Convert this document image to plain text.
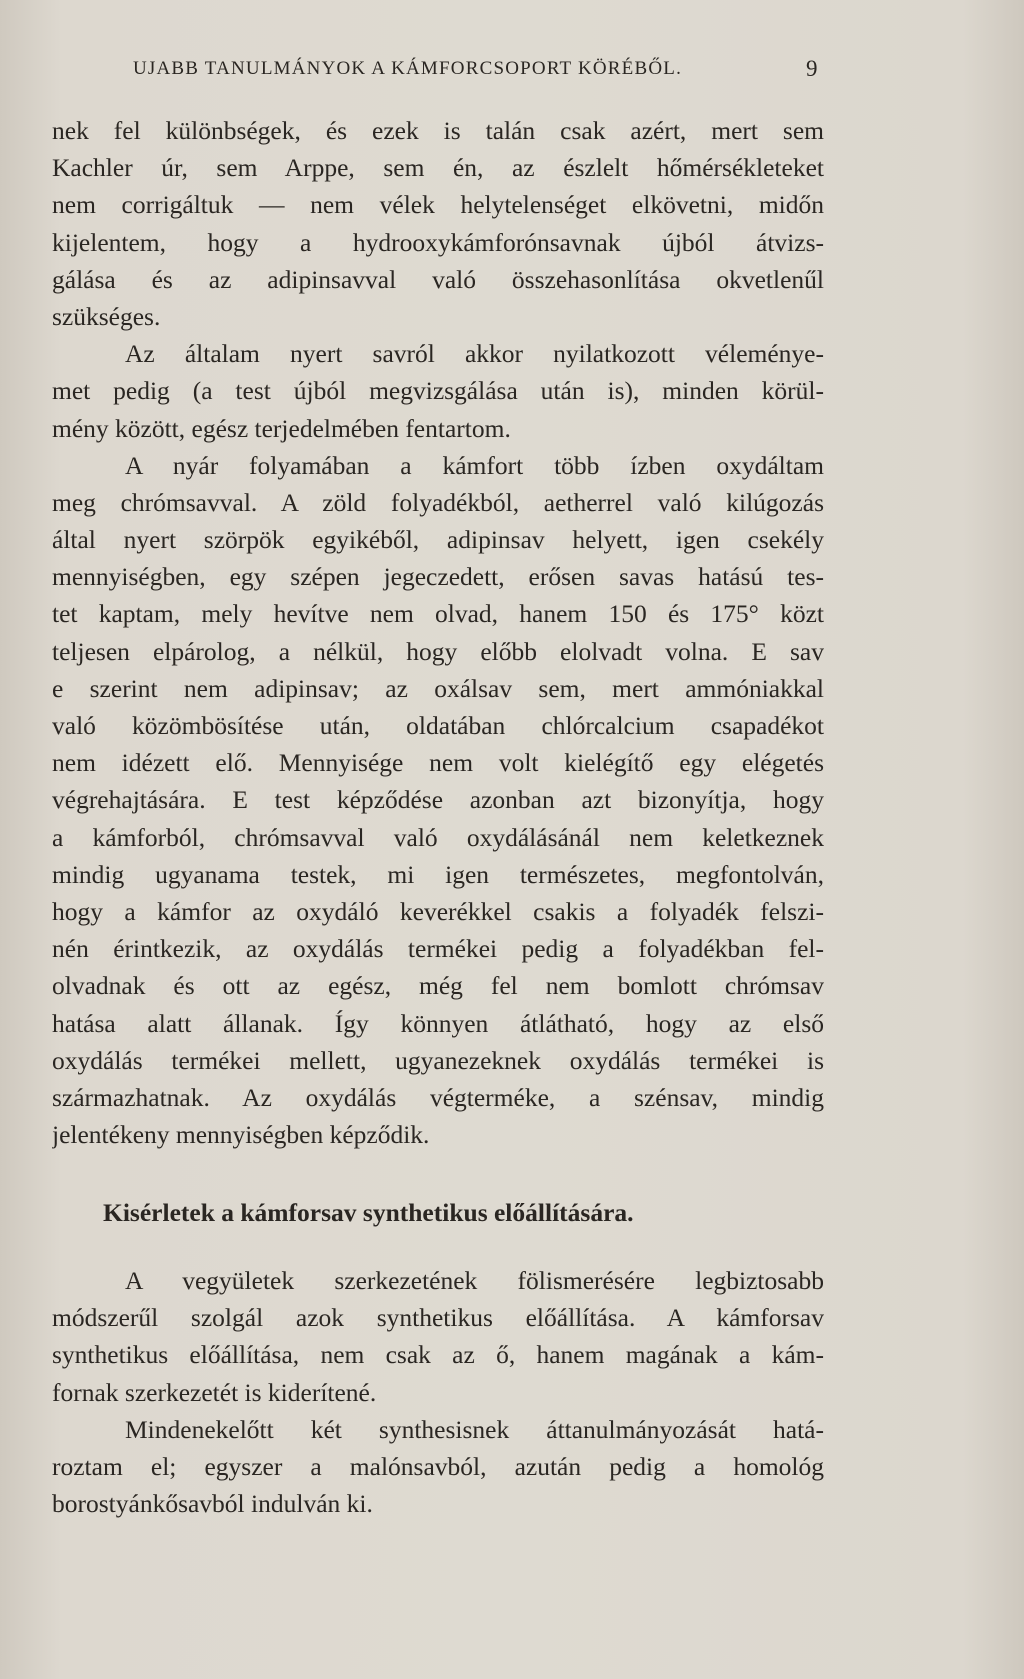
UJABB TANULMÁNYOK A KÁMFORCSOPORT KÖRÉBŐL.	9
nek fel különbségek, és ezek is talán csak azért, mert sem
Kachler úr, sem Arppe, sem én, az észlelt hőmérsékleteket
nem corrigáltuk — nem vélek helytelenséget elkövetni, midőn
kijelentem, hogy a hydrooxykámforónsavnak újból átvizs-
gálása és az adipinsavval való összehasonlítása okvetlenűl
szükséges.
Az általam nyert savról akkor nyilatkozott véleménye-
met pedig (a test újból megvizsgálása után is), minden körül-
mény között, egész terjedelmében fentartom.
A nyár folyamában a kámfort több ízben oxydáltam
meg chrómsavval. A zöld folyadékból, aetherrel való kilúgozás
által nyert szörpök egyikéből, adipinsav helyett, igen csekély
mennyiségben, egy szépen jegeczedett, erősen savas hatású tes-
tet kaptam, mely hevítve nem olvad, hanem 150 és 175° közt
teljesen elpárolog, a nélkül, hogy előbb elolvadt volna. E sav
e szerint nem adipinsav; az oxálsav sem, mert ammóniakkal
való közömbösítése után, oldatában chlórcalcium csapadékot
nem idézett elő. Mennyisége nem volt kielégítő egy elégetés
végrehajtására. E test képződése azonban azt bizonyítja, hogy
a kámforból, chrómsavval való oxydálásánál nem keletkeznek
mindig ugyanama testek, mi igen természetes, megfontolván,
hogy a kámfor az oxydáló keverékkel csakis a folyadék felszi-
nén érintkezik, az oxydálás termékei pedig a folyadékban fel-
olvadnak és ott az egész, még fel nem bomlott chrómsav
hatása alatt állanak. Így könnyen átlátható, hogy az első
oxydálás termékei mellett, ugyanezeknek oxydálás termékei is
származhatnak. Az oxydálás végterméke, a szénsav, mindig
jelentékeny mennyiségben képződik.
Kisérletek a kámforsav synthetikus előállítására.
A vegyületek szerkezetének fölismerésére legbiztosabb
módszerűl szolgál azok synthetikus előállítása. A kámforsav
synthetikus előállítása, nem csak az ő, hanem magának a kám-
fornak szerkezetét is kiderítené.
Mindenekelőtt két synthesisnek áttanulmányozását hatá-
roztam el; egyszer a malónsavból, azután pedig a homológ
borostyánkősavból indulván ki.
